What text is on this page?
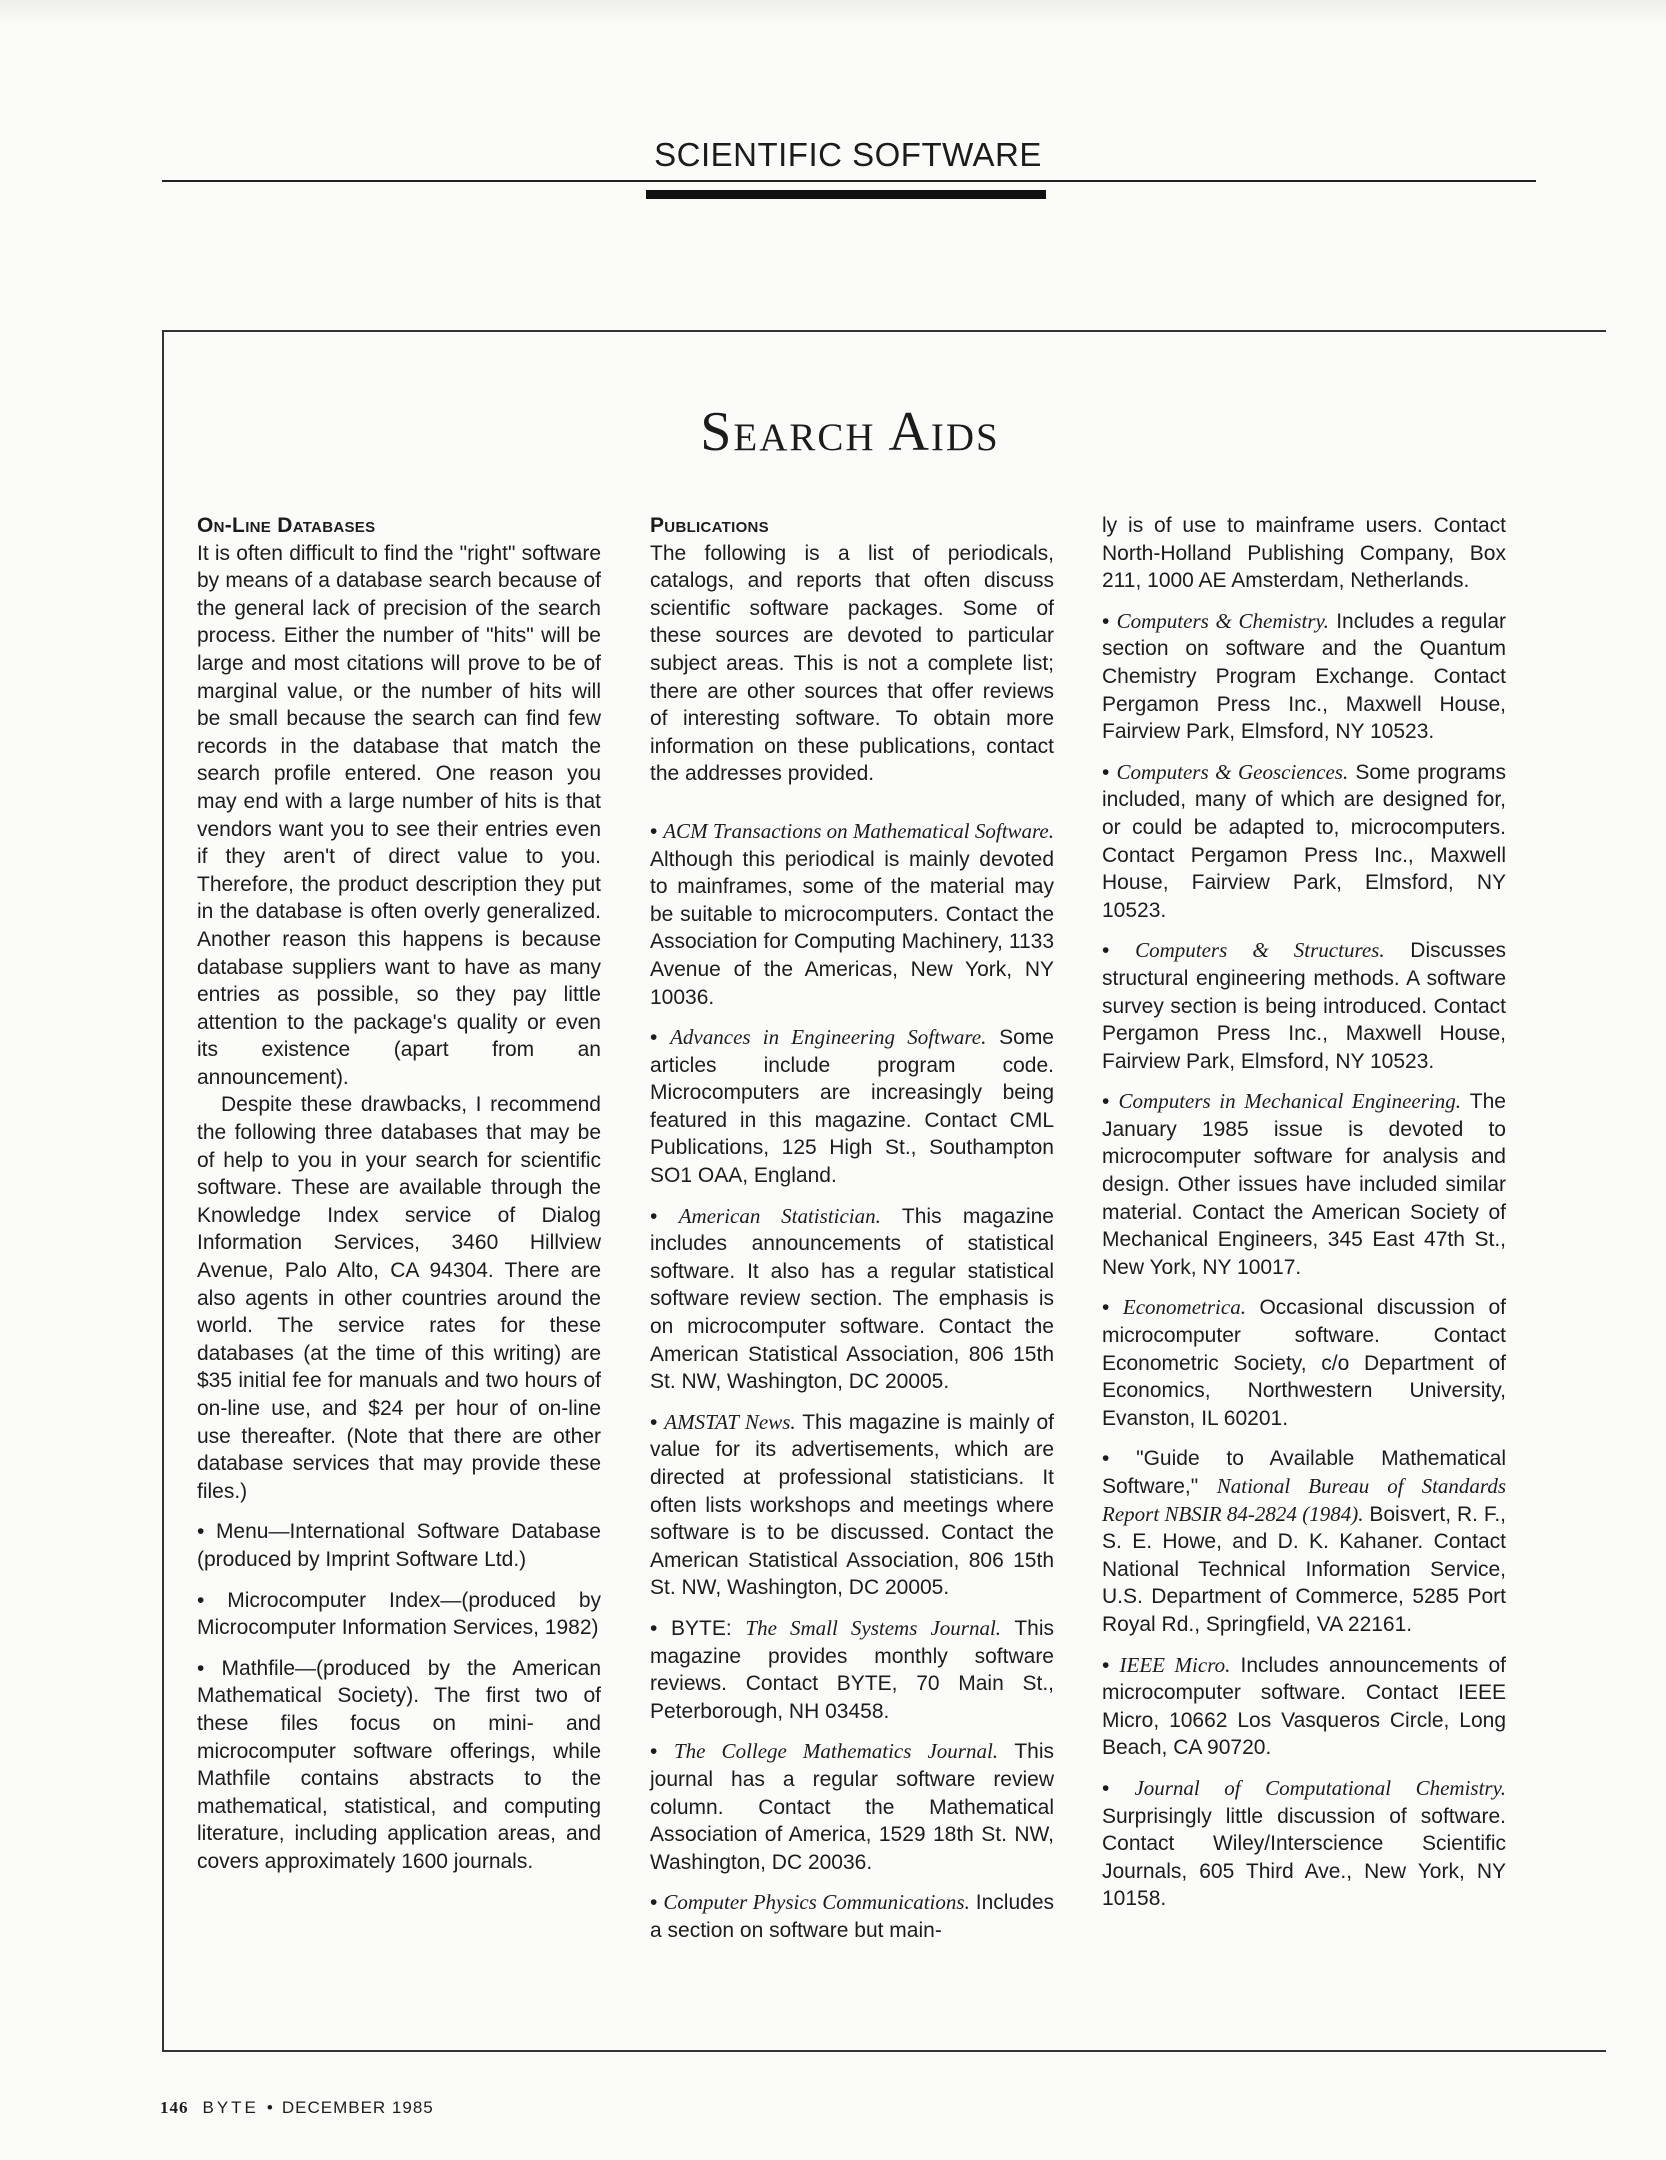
SCIENTIFIC SOFTWARE
Search Aids
On-Line Databases

It is often difficult to find the "right" software by means of a database search because of the general lack of precision of the search process. Either the number of "hits" will be large and most citations will prove to be of marginal value, or the number of hits will be small because the search can find few records in the database that match the search profile entered. One reason you may end with a large number of hits is that vendors want you to see their entries even if they aren't of direct value to you. Therefore, the product description they put in the database is often overly generalized. Another reason this happens is because database suppliers want to have as many entries as possible, so they pay little attention to the package's quality or even its existence (apart from an announcement).

Despite these drawbacks, I recommend the following three databases that may be of help to you in your search for scientific software. These are available through the Knowledge Index service of Dialog Information Services, 3460 Hillview Avenue, Palo Alto, CA 94304. There are also agents in other countries around the world. The service rates for these databases (at the time of this writing) are $35 initial fee for manuals and two hours of on-line use, and $24 per hour of on-line use thereafter. (Note that there are other database services that may provide these files.)

• Menu—International Software Database (produced by Imprint Software Ltd.)

• Microcomputer Index—(produced by Microcomputer Information Services, 1982)

• Mathfile—(produced by the American Mathematical Society). The first two of these files focus on mini- and microcomputer software offerings, while Mathfile contains abstracts to the mathematical, statistical, and computing literature, including application areas, and covers approximately 1600 journals.

Publications

The following is a list of periodicals, catalogs, and reports that often discuss scientific software packages. Some of these sources are devoted to particular subject areas. This is not a complete list; there are other sources that offer reviews of interesting software. To obtain more information on these publications, contact the addresses provided.

• ACM Transactions on Mathematical Software. Although this periodical is mainly devoted to mainframes, some of the material may be suitable to microcomputers. Contact the Association for Computing Machinery, 1133 Avenue of the Americas, New York, NY 10036.

• Advances in Engineering Software. Some articles include program code. Microcomputers are increasingly being featured in this magazine. Contact CML Publications, 125 High St., Southampton SO1 OAA, England.

• American Statistician. This magazine includes announcements of statistical software. It also has a regular statistical software review section. The emphasis is on microcomputer software. Contact the American Statistical Association, 806 15th St. NW, Washington, DC 20005.

• AMSTAT News. This magazine is mainly of value for its advertisements, which are directed at professional statisticians. It often lists workshops and meetings where software is to be discussed. Contact the American Statistical Association, 806 15th St. NW, Washington, DC 20005.

• BYTE: The Small Systems Journal. This magazine provides monthly software reviews. Contact BYTE, 70 Main St., Peterborough, NH 03458.

• The College Mathematics Journal. This journal has a regular software review column. Contact the Mathematical Association of America, 1529 18th St. NW, Washington, DC 20036.

• Computer Physics Communications. Includes a section on software but main-

ly is of use to mainframe users. Contact North-Holland Publishing Company, Box 211, 1000 AE Amsterdam, Netherlands.

• Computers & Chemistry. Includes a regular section on software and the Quantum Chemistry Program Exchange. Contact Pergamon Press Inc., Maxwell House, Fairview Park, Elmsford, NY 10523.

• Computers & Geosciences. Some programs included, many of which are designed for, or could be adapted to, microcomputers. Contact Pergamon Press Inc., Maxwell House, Fairview Park, Elmsford, NY 10523.

• Computers & Structures. Discusses structural engineering methods. A software survey section is being introduced. Contact Pergamon Press Inc., Maxwell House, Fairview Park, Elmsford, NY 10523.

• Computers in Mechanical Engineering. The January 1985 issue is devoted to microcomputer software for analysis and design. Other issues have included similar material. Contact the American Society of Mechanical Engineers, 345 East 47th St., New York, NY 10017.

• Econometrica. Occasional discussion of microcomputer software. Contact Econometric Society, c/o Department of Economics, Northwestern University, Evanston, IL 60201.

• "Guide to Available Mathematical Software," National Bureau of Standards Report NBSIR 84-2824 (1984). Boisvert, R. F., S. E. Howe, and D. K. Kahaner. Contact National Technical Information Service, U.S. Department of Commerce, 5285 Port Royal Rd., Springfield, VA 22161.

• IEEE Micro. Includes announcements of microcomputer software. Contact IEEE Micro, 10662 Los Vasqueros Circle, Long Beach, CA 90720.

• Journal of Computational Chemistry. Surprisingly little discussion of software. Contact Wiley/Interscience Scientific Journals, 605 Third Ave., New York, NY 10158.

146 BYTE • DECEMBER 1985
